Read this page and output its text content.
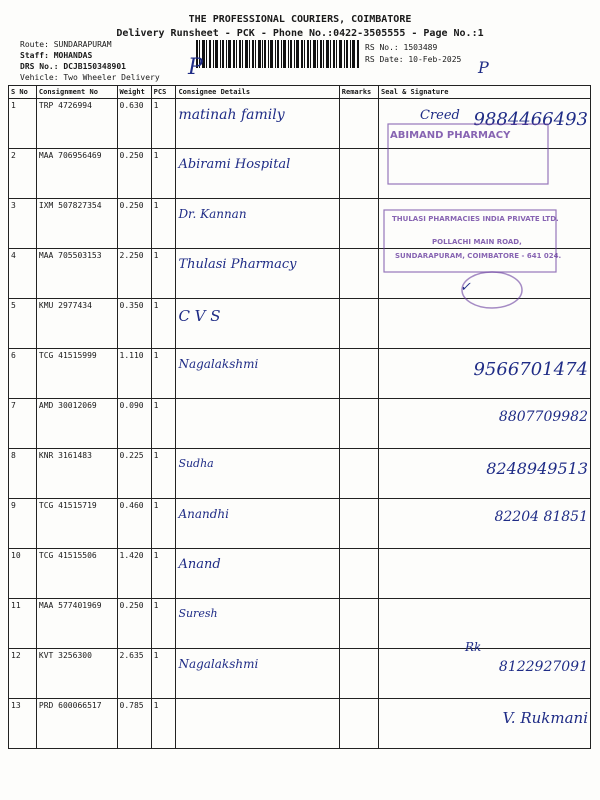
THE PROFESSIONAL COURIERS, COIMBATORE
Delivery Runsheet - PCK - Phone No.:0422-3505555 - Page No.:1
Route: SUNDARAPURAM
Staff: MOHANDAS
DRS No.: DCJB150348901
Vehicle: Two Wheeler Delivery
RS No.: 1503489
RS Date: 10-Feb-2025
P	P
S No	Consignment No	Weight	PCS	Consignee Details	Remarks	Seal & Signature
1	TRP 4726994	0.630	1	matinah family		9884466493
2	MAA 706956469	0.250	1	Abirami Hospital		
3	IXM 507827354	0.250	1	Dr. Kannan		
4	MAA 705503153	2.250	1	Thulasi Pharmacy		
5	KMU 2977434	0.350	1	C V S		
6	TCG 41515999	1.110	1	Nagalakshmi		9566701474
7	AMD 30012069	0.090	1			8807709982
8	KNR 3161483	0.225	1	Sudha		8248949513
9	TCG 41515719	0.460	1	Anandhi		82204 81851
10	TCG 41515506	1.420	1	Anand		
11	MAA 577401969	0.250	1	Suresh		
12	KVT 3256300	2.635	1	Nagalakshmi		8122927091
13	PRD 600066517	0.785	1			V. Rukmani
ABIMAND PHARMACY
THULASI PHARMACIES INDIA PRIVATE LTD.
POLLACHI MAIN ROAD,
SUNDARAPURAM, COIMBATORE - 641 024.
Creed
✓
Rk
